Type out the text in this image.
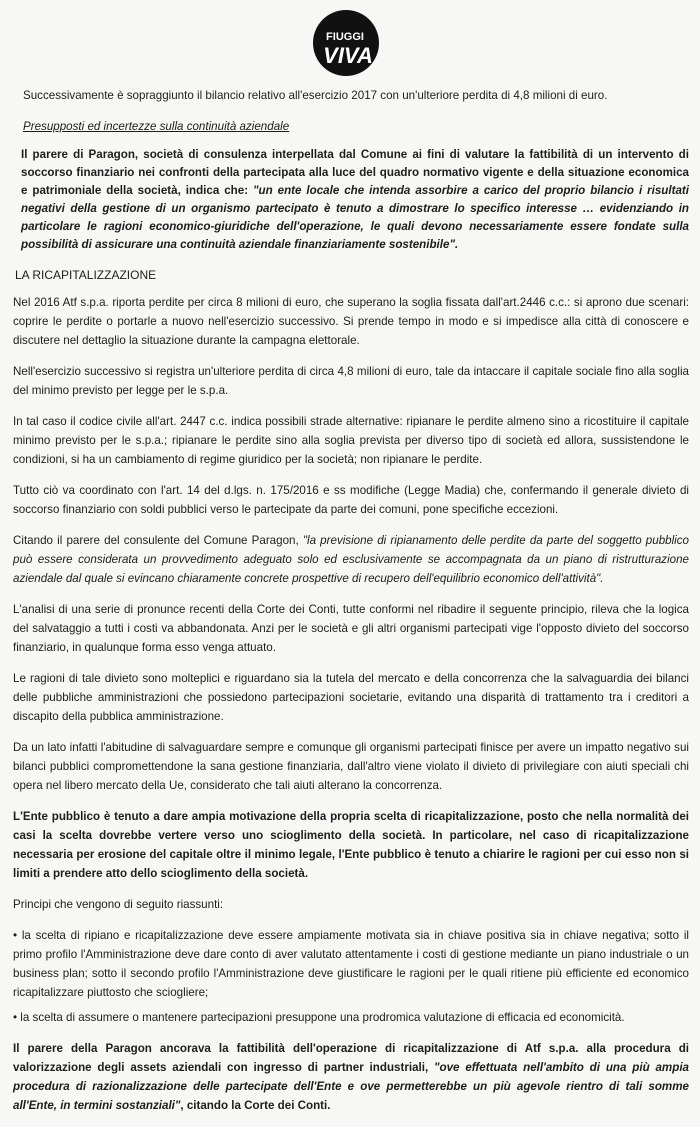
FIUGGI
VIVA

Successivamente è sopraggiunto il bilancio relativo all'esercizio 2017 con un'ulteriore perdita di 4,8 milioni di euro.

Presupposti ed incertezze sulla continuità aziendale

Il parere di Paragon, società di consulenza interpellata dal Comune ai fini di valutare la fattibilità di un intervento di soccorso finanziario nei confronti della partecipata alla luce del quadro normativo vigente e della situazione economica e patrimoniale della società, indica che: "un ente locale che intenda assorbire a carico del proprio bilancio i risultati negativi della gestione di un organismo partecipato è tenuto a dimostrare lo specifico interesse … evidenziando in particolare le ragioni economico-giuridiche dell'operazione, le quali devono necessariamente essere fondate sulla possibilità di assicurare una continuità aziendale finanziariamente sostenibile".

LA RICAPITALIZZAZIONE

Nel 2016 Atf s.p.a. riporta perdite per circa 8 milioni di euro, che superano la soglia fissata dall'art.2446 c.c.: si aprono due scenari: coprire le perdite o portarle a nuovo nell'esercizio successivo. Si prende tempo in modo e si impedisce alla città di conoscere e discutere nel dettaglio la situazione durante la campagna elettorale.

Nell'esercizio successivo si registra un'ulteriore perdita di circa 4,8 milioni di euro, tale da intaccare il capitale sociale fino alla soglia del minimo previsto per legge per le s.p.a.

In tal caso il codice civile all'art. 2447 c.c. indica possibili strade alternative: ripianare le perdite almeno sino a ricostituire il capitale minimo previsto per le s.p.a.; ripianare le perdite sino alla soglia prevista per diverso tipo di società ed allora, sussistendone le condizioni, si ha un cambiamento di regime giuridico per la società; non ripianare le perdite.

Tutto ciò va coordinato con l'art. 14 del d.lgs. n. 175/2016 e ss modifiche (Legge Madia) che, confermando il generale divieto di soccorso finanziario con soldi pubblici verso le partecipate da parte dei comuni, pone specifiche eccezioni.

Citando il parere del consulente del Comune Paragon, "la previsione di ripianamento delle perdite da parte del soggetto pubblico può essere considerata un provvedimento adeguato solo ed esclusivamente se accompagnata da un piano di ristrutturazione aziendale dal quale si evincano chiaramente concrete prospettive di recupero dell'equilibrio economico dell'attività".

L'analisi di una serie di pronunce recenti della Corte dei Conti, tutte conformi nel ribadire il seguente principio, rileva che la logica del salvataggio a tutti i costi va abbandonata. Anzi per le società e gli altri organismi partecipati vige l'opposto divieto del soccorso finanziario, in qualunque forma esso venga attuato.

Le ragioni di tale divieto sono molteplici e riguardano sia la tutela del mercato e della concorrenza che la salvaguardia dei bilanci delle pubbliche amministrazioni che possiedono partecipazioni societarie, evitando una disparità di trattamento tra i creditori a discapito della pubblica amministrazione.

Da un lato infatti l'abitudine di salvaguardare sempre e comunque gli organismi partecipati finisce per avere un impatto negativo sui bilanci pubblici compromettendone la sana gestione finanziaria, dall'altro viene violato il divieto di privilegiare con aiuti speciali chi opera nel libero mercato della Ue, considerato che tali aiuti alterano la concorrenza.

L'Ente pubblico è tenuto a dare ampia motivazione della propria scelta di ricapitalizzazione, posto che nella normalità dei casi la scelta dovrebbe vertere verso uno scioglimento della società. In particolare, nel caso di ricapitalizzazione necessaria per erosione del capitale oltre il minimo legale, l'Ente pubblico è tenuto a chiarire le ragioni per cui esso non si limiti a prendere atto dello scioglimento della società.

Principi che vengono di seguito riassunti:

• la scelta di ripiano e ricapitalizzazione deve essere ampiamente motivata sia in chiave positiva sia in chiave negativa; sotto il primo profilo l'Amministrazione deve dare conto di aver valutato attentamente i costi di gestione mediante un piano industriale o un business plan; sotto il secondo profilo l'Amministrazione deve giustificare le ragioni per le quali ritiene più efficiente ed economico ricapitalizzare piuttosto che sciogliere;

• la scelta di assumere o mantenere partecipazioni presuppone una prodromica valutazione di efficacia ed economicità.

Il parere della Paragon ancorava la fattibilità dell'operazione di ricapitalizzazione di Atf s.p.a. alla procedura di valorizzazione degli assets aziendali con ingresso di partner industriali, "ove effettuata nell'ambito di una più ampia procedura di razionalizzazione delle partecipate dell'Ente e ove permetterebbe un più agevole rientro di tali somme all'Ente, in termini sostanziali", citando la Corte dei Conti.
